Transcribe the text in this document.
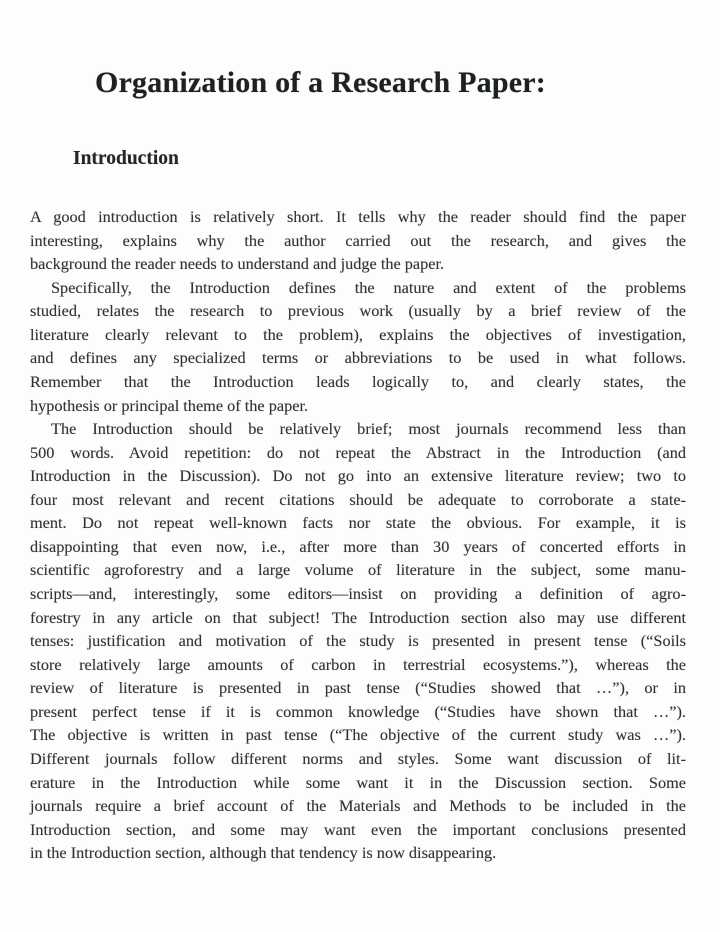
Organization of a Research Paper:
Introduction
A good introduction is relatively short. It tells why the reader should find the paper
interesting, explains why the author carried out the research, and gives the
background the reader needs to understand and judge the paper.
Specifically, the Introduction defines the nature and extent of the problems
studied, relates the research to previous work (usually by a brief review of the
literature clearly relevant to the problem), explains the objectives of investigation,
and defines any specialized terms or abbreviations to be used in what follows.
Remember that the Introduction leads logically to, and clearly states, the
hypothesis or principal theme of the paper.
The Introduction should be relatively brief; most journals recommend less than
500 words. Avoid repetition: do not repeat the Abstract in the Introduction (and
Introduction in the Discussion). Do not go into an extensive literature review; two to
four most relevant and recent citations should be adequate to corroborate a state-
ment. Do not repeat well-known facts nor state the obvious. For example, it is
disappointing that even now, i.e., after more than 30 years of concerted efforts in
scientific agroforestry and a large volume of literature in the subject, some manu-
scripts—and, interestingly, some editors—insist on providing a definition of agro-
forestry in any article on that subject! The Introduction section also may use different
tenses: justification and motivation of the study is presented in present tense (“Soils
store relatively large amounts of carbon in terrestrial ecosystems.”), whereas the
review of literature is presented in past tense (“Studies showed that …”), or in
present perfect tense if it is common knowledge (“Studies have shown that …”).
The objective is written in past tense (“The objective of the current study was …”).
Different journals follow different norms and styles. Some want discussion of lit-
erature in the Introduction while some want it in the Discussion section. Some
journals require a brief account of the Materials and Methods to be included in the
Introduction section, and some may want even the important conclusions presented
in the Introduction section, although that tendency is now disappearing.
